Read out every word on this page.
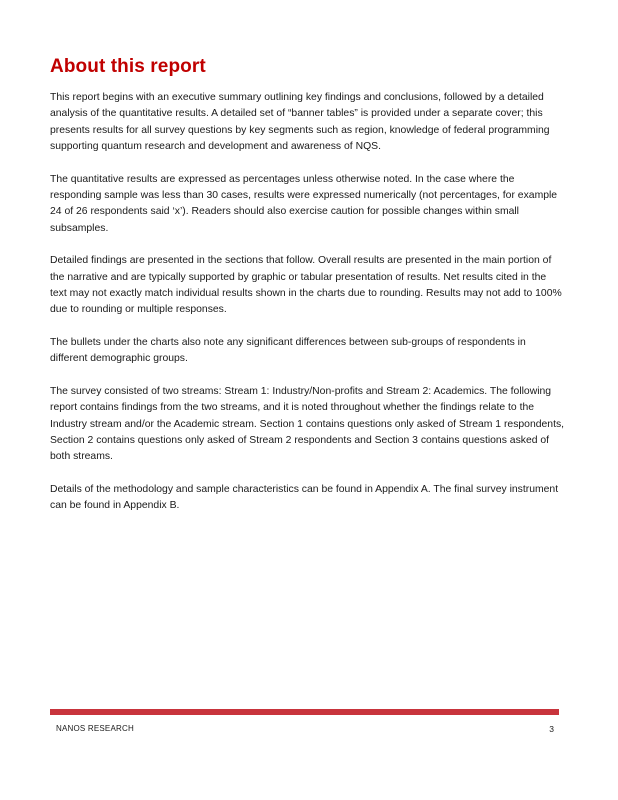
About this report

This report begins with an executive summary outlining key findings and conclusions, followed by a detailed analysis of the quantitative results. A detailed set of “banner tables” is provided under a separate cover; this presents results for all survey questions by key segments such as region, knowledge of federal programming supporting quantum research and development and awareness of NQS.

The quantitative results are expressed as percentages unless otherwise noted. In the case where the responding sample was less than 30 cases, results were expressed numerically (not percentages, for example 24 of 26 respondents said ‘x’). Readers should also exercise caution for possible changes within small subsamples.

Detailed findings are presented in the sections that follow. Overall results are presented in the main portion of the narrative and are typically supported by graphic or tabular presentation of results. Net results cited in the text may not exactly match individual results shown in the charts due to rounding. Results may not add to 100% due to rounding or multiple responses.

The bullets under the charts also note any significant differences between sub-groups of respondents in different demographic groups.

The survey consisted of two streams: Stream 1: Industry/Non-profits and Stream 2: Academics. The following report contains findings from the two streams, and it is noted throughout whether the findings relate to the Industry stream and/or the Academic stream. Section 1 contains questions only asked of Stream 1 respondents, Section 2 contains questions only asked of Stream 2 respondents and Section 3 contains questions asked of both streams.

Details of the methodology and sample characteristics can be found in Appendix A. The final survey instrument can be found in Appendix B.

NANOS RESEARCH	3
